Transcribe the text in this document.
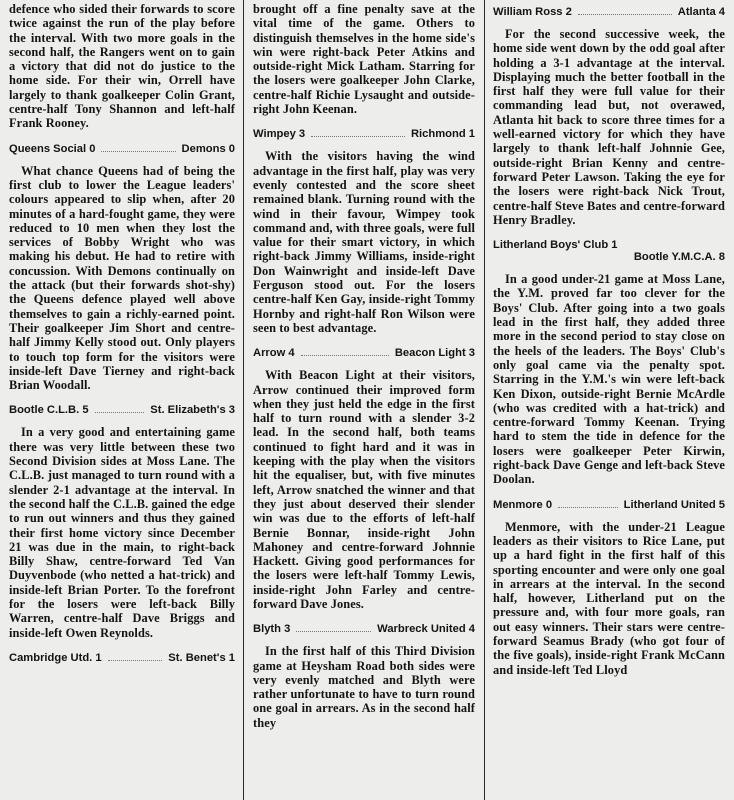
defence who sided their forwards to score twice against the run of the play before the interval. With two more goals in the second half, the Rangers went on to gain a victory that did not do justice to the home side. For their win, Orrell have largely to thank goalkeeper Colin Grant, centre-half Tony Shannon and left-half Frank Rooney.

Queens Social 0	Demons 0

What chance Queens had of being the first club to lower the League leaders' colours appeared to slip when, after 20 minutes of a hard-fought game, they were reduced to 10 men when they lost the services of Bobby Wright who was making his debut. He had to retire with concussion. With Demons continually on the attack (but their forwards shot-shy) the Queens defence played well above themselves to gain a richly-earned point. Their goalkeeper Jim Short and centre-half Jimmy Kelly stood out. Only players to touch top form for the visitors were inside-left Dave Tierney and right-back Brian Woodall.

Bootle C.L.B. 5	St. Elizabeth's 3

In a very good and entertaining game there was very little between these two Second Division sides at Moss Lane. The C.L.B. just managed to turn round with a slender 2-1 advantage at the interval. In the second half the C.L.B. gained the edge to run out winners and thus they gained their first home victory since December 21 was due in the main, to right-back Billy Shaw, centre-forward Ted Van Duyvenbode (who netted a hat-trick) and inside-left Brian Porter. To the forefront for the losers were left-back Billy Warren, centre-half Dave Briggs and inside-left Owen Reynolds.

Cambridge Utd. 1	St. Benet's 1

brought off a fine penalty save at the vital time of the game. Others to distinguish themselves in the home side's win were right-back Peter Atkins and outside-right Mick Latham. Starring for the losers were goalkeeper John Clarke, centre-half Richie Lysaught and outside-right John Keenan.

Wimpey 3	Richmond 1

With the visitors having the wind advantage in the first half, play was very evenly contested and the score sheet remained blank. Turning round with the wind in their favour, Wimpey took command and, with three goals, were full value for their smart victory, in which right-back Jimmy Williams, inside-right Don Wainwright and inside-left Dave Ferguson stood out. For the losers centre-half Ken Gay, inside-right Tommy Hornby and right-half Ron Wilson were seen to best advantage.

Arrow 4	Beacon Light 3

With Beacon Light at their visitors, Arrow continued their improved form when they just held the edge in the first half to turn round with a slender 3-2 lead. In the second half, both teams continued to fight hard and it was in keeping with the play when the visitors hit the equaliser, but, with five minutes left, Arrow snatched the winner and that they just about deserved their slender win was due to the efforts of left-half Bernie Bonnar, inside-right John Mahoney and centre-forward Johnnie Hackett. Giving good performances for the losers were left-half Tommy Lewis, inside-right John Farley and centre-forward Dave Jones.

Blyth 3	Warbreck United 4

In the first half of this Third Division game at Heysham Road both sides were very evenly matched and Blyth were rather unfortunate to have to turn round one goal in arrears. As in the second half they

William Ross 2	Atlanta 4

For the second successive week, the home side went down by the odd goal after holding a 3-1 advantage at the interval. Displaying much the better football in the first half they were full value for their commanding lead but, not overawed, Atlanta hit back to score three times for a well-earned victory for which they have largely to thank left-half Johnnie Gee, outside-right Brian Kenny and centre-forward Peter Lawson. Taking the eye for the losers were right-back Nick Trout, centre-half Steve Bates and centre-forward Henry Bradley.

Litherland Boys' Club 1
Bootle Y.M.C.A. 8

In a good under-21 game at Moss Lane, the Y.M. proved far too clever for the Boys' Club. After going into a two goals lead in the first half, they added three more in the second period to stay close on the heels of the leaders. The Boys' Club's only goal came via the penalty spot. Starring in the Y.M.'s win were left-back Ken Dixon, outside-right Bernie McArdle (who was credited with a hat-trick) and centre-forward Tommy Keenan. Trying hard to stem the tide in defence for the losers were goalkeeper Peter Kirwin, right-back Dave Genge and left-back Steve Doolan.

Menmore 0	Litherland United 5

Menmore, with the under-21 League leaders as their visitors to Rice Lane, put up a hard fight in the first half of this sporting encounter and were only one goal in arrears at the interval. In the second half, however, Litherland put on the pressure and, with four more goals, ran out easy winners. Their stars were centre-forward Seamus Brady (who got four of the five goals), inside-right Frank McCann and inside-left Ted Lloyd
